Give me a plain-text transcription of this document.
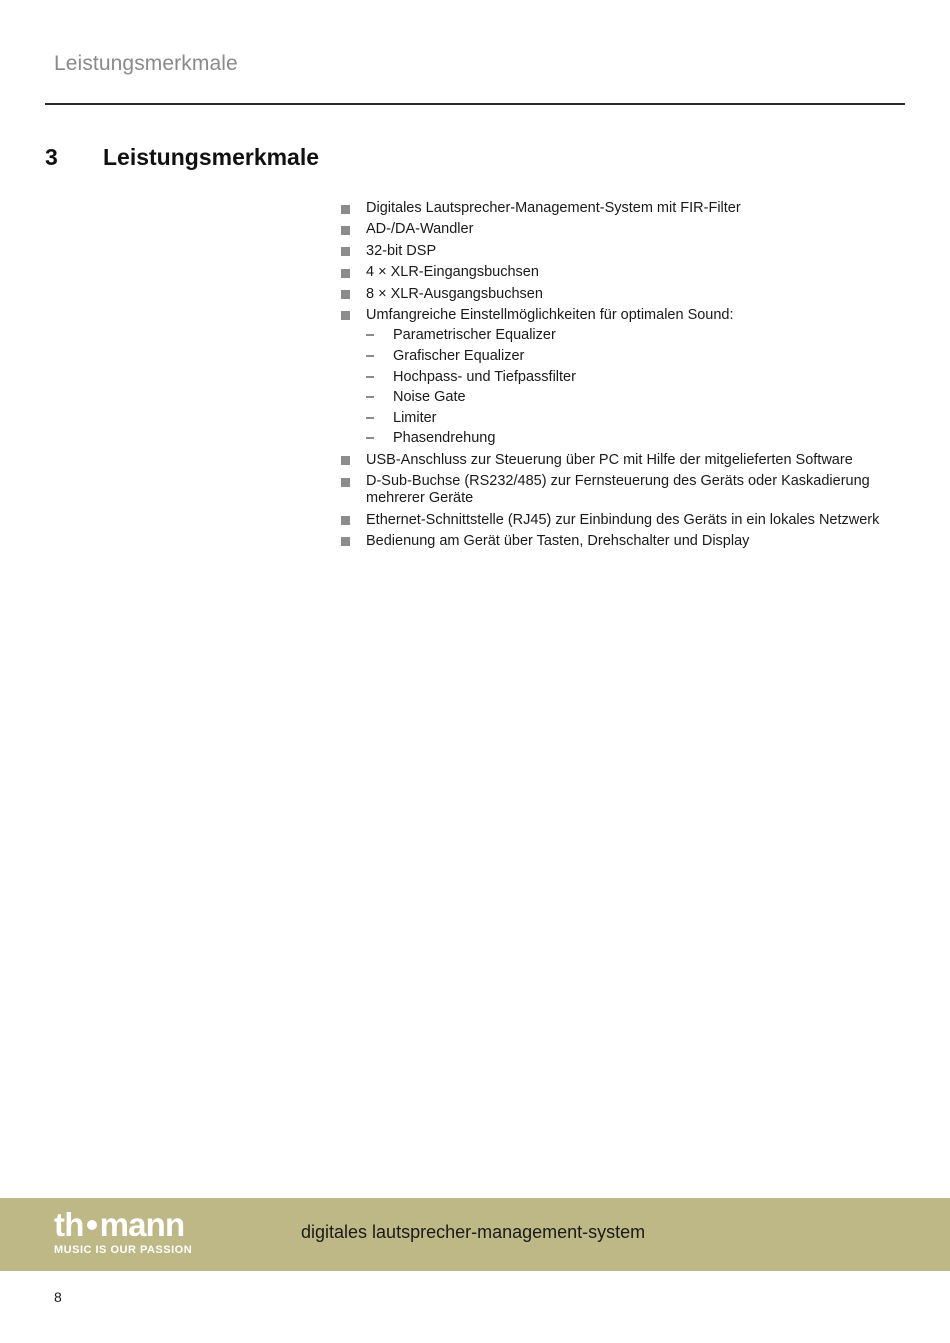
Leistungsmerkmale
3 Leistungsmerkmale
Digitales Lautsprecher-Management-System mit FIR-Filter
AD-/DA-Wandler
32-bit DSP
4 × XLR-Eingangsbuchsen
8 × XLR-Ausgangsbuchsen
Umfangreiche Einstellmöglichkeiten für optimalen Sound:
– Parametrischer Equalizer
– Grafischer Equalizer
– Hochpass- und Tiefpassfilter
– Noise Gate
– Limiter
– Phasendrehung
USB-Anschluss zur Steuerung über PC mit Hilfe der mitgelieferten Software
D-Sub-Buchse (RS232/485) zur Fernsteuerung des Geräts oder Kaskadierung mehrerer Geräte
Ethernet-Schnittstelle (RJ45) zur Einbindung des Geräts in ein lokales Netzwerk
Bedienung am Gerät über Tasten, Drehschalter und Display
th mann
MUSIC IS OUR PASSION
digitales lautsprecher-management-system
8
